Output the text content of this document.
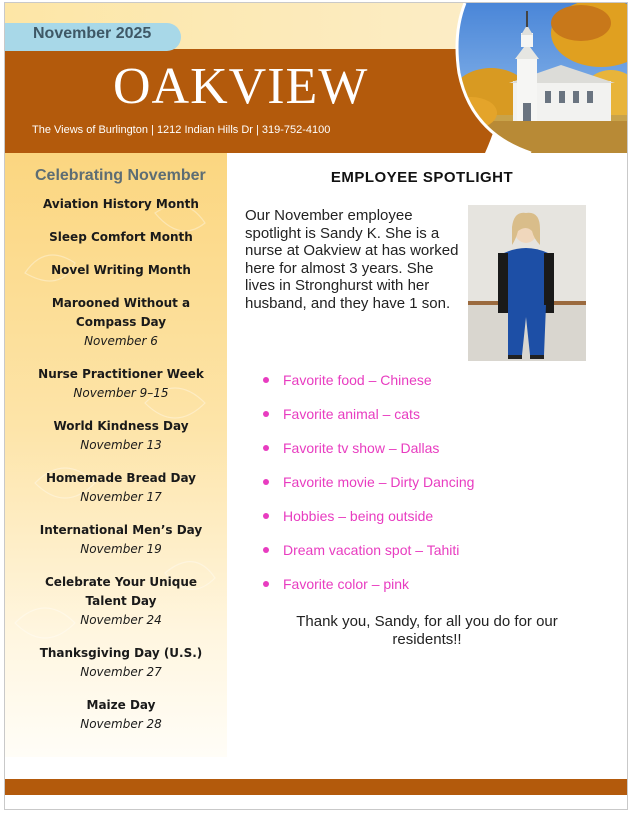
November 2025
OAKVIEW
The Views of Burlington | 1212 Indian Hills Dr | 319-752-4100
Celebrating November
Aviation History Month
Sleep Comfort Month
Novel Writing Month
Marooned Without a Compass Day
November 6
Nurse Practitioner Week
November 9–15
World Kindness Day
November 13
Homemade Bread Day
November 17
International Men’s Day
November 19
Celebrate Your Unique Talent Day
November 24
Thanksgiving Day (U.S.)
November 27
Maize Day
November 28
EMPLOYEE SPOTLIGHT
Our November employee spotlight is Sandy K. She is a nurse at Oakview at has worked here for almost 3 years. She lives in Stronghurst with her husband, and they have 1 son.
Favorite food – Chinese
Favorite animal – cats
Favorite tv show – Dallas
Favorite movie – Dirty Dancing
Hobbies – being outside
Dream vacation spot – Tahiti
Favorite color – pink
Thank you, Sandy, for all you do for our residents!!
